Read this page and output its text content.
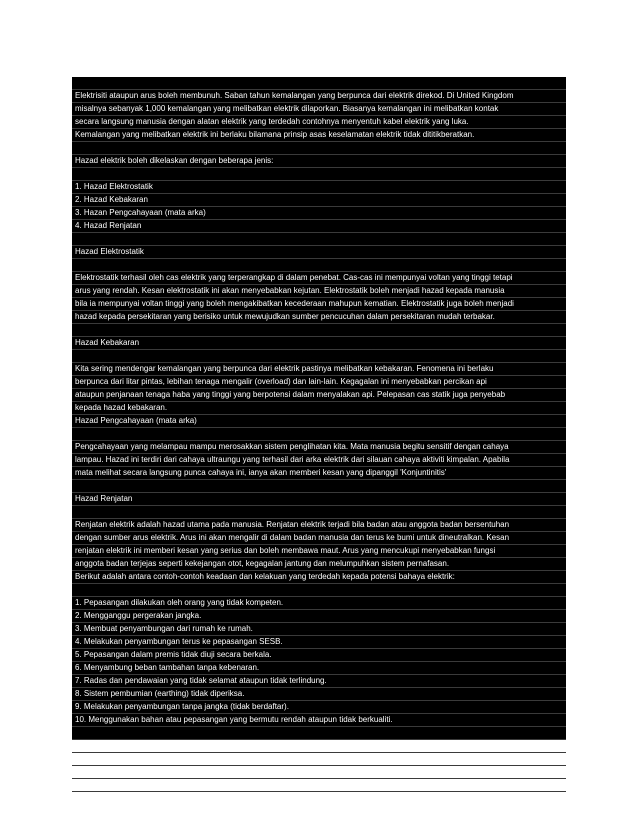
Elektrisiti ataupun arus boleh membunuh. Saban tahun kemalangan yang berpunca dari elektrik direkod. Di United Kingdom
misalnya sebanyak 1,000 kemalangan yang melibatkan elektrik dilaporkan. Biasanya kemalangan ini melibatkan kontak
secara langsung manusia dengan alatan elektrik yang terdedah contohnya menyentuh kabel elektrik yang luka.
Kemalangan yang melibatkan elektrik ini berlaku bilamana prinsip asas keselamatan elektrik tidak dititikberatkan.
Hazad elektrik boleh dikelaskan dengan beberapa jenis:
1. Hazad Elektrostatik
2. Hazad Kebakaran
3. Hazan Pengcahayaan (mata arka)
4. Hazad Renjatan
Hazad Elektrostatik
Elektrostatik terhasil oleh cas elektrik yang terperangkap di dalam penebat. Cas-cas ini mempunyai voltan yang tinggi tetapi
arus yang rendah. Kesan elektrostatik ini akan menyebabkan kejutan. Elektrostatik boleh menjadi hazad kepada manusia
bila ia mempunyai voltan tinggi yang boleh mengakibatkan kecederaan mahupun kematian. Elektrostatik juga boleh menjadi
hazad kepada persekitaran yang berisiko untuk mewujudkan sumber pencucuhan dalam persekitaran mudah terbakar.
Hazad Kebakaran
Kita sering mendengar kemalangan yang berpunca dari elektrik pastinya melibatkan kebakaran. Fenomena ini berlaku
berpunca dari litar pintas, lebihan tenaga mengalir (overload) dan lain-lain. Kegagalan ini menyebabkan percikan api
ataupun penjanaan tenaga haba yang tinggi yang berpotensi dalam menyalakan api. Pelepasan cas statik juga penyebab
kepada hazad kebakaran.
Hazad Pengcahayaan (mata arka)
Pengcahayaan yang melampau mampu merosakkan sistem penglihatan kita. Mata manusia begitu sensitif dengan cahaya
lampau. Hazad ini terdiri dari cahaya ultraungu yang terhasil dari arka elektrik dari silauan cahaya aktiviti kimpalan. Apabila
mata melihat secara langsung punca cahaya ini, ianya akan memberi kesan yang dipanggil 'Konjuntinitis'
Hazad Renjatan
Renjatan elektrik adalah hazad utama pada manusia. Renjatan elektrik terjadi bila badan atau anggota badan bersentuhan
dengan sumber arus elektrik. Arus ini akan mengalir di dalam badan manusia dan terus ke bumi untuk dineutralkan. Kesan
renjatan elektrik ini memberi kesan yang serius dan boleh membawa maut. Arus yang mencukupi menyebabkan fungsi
anggota badan terjejas seperti kekejangan otot, kegagalan jantung dan melumpuhkan sistem pernafasan.
Berikut adalah antara contoh-contoh keadaan dan kelakuan yang terdedah kepada potensi bahaya elektrik:
1. Pepasangan dilakukan oleh orang yang tidak kompeten.
2. Mengganggu pergerakan jangka.
3. Membuat penyambungan dari rumah ke rumah.
4. Melakukan penyambungan terus ke pepasangan SESB.
5. Pepasangan dalam premis tidak diuji secara berkala.
6. Menyambung beban tambahan tanpa kebenaran.
7. Radas dan pendawaian yang tidak selamat ataupun tidak terlindung.
8. Sistem pembumian (earthing) tidak diperiksa.
9. Melakukan penyambungan tanpa jangka (tidak berdaftar).
10. Menggunakan bahan atau pepasangan yang bermutu rendah ataupun tidak berkualiti.
Sumber: Suruhanjaya Tenaga dan Komunikasi, Malaysia
Kesan arus elektrik kepada badan manusia.
